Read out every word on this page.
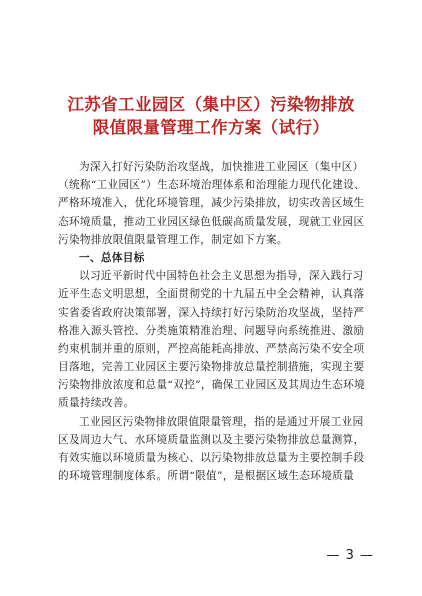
江苏省工业园区（集中区）污染物排放
限值限量管理工作方案（试行）
为深入打好污染防治攻坚战，加快推进工业园区（集中区）
（统称“工业园区”）生态环境治理体系和治理能力现代化建设、
严格环境准入，优化环境管理，减少污染排放，切实改善区域生
态环境质量，推动工业园区绿色低碳高质量发展，现就工业园区
污染物排放限值限量管理工作，制定如下方案。
一、总体目标
以习近平新时代中国特色社会主义思想为指导，深入践行习
近平生态文明思想，全面贯彻党的十九届五中全会精神，认真落
实省委省政府决策部署，深入持续打好污染防治攻坚战，坚持严
格准入源头管控、分类施策精准治理、问题导向系统推进、激励
约束机制并重的原则，严控高能耗高排放、严禁高污染不安全项
目落地，完善工业园区主要污染物排放总量控制措施，实现主要
污染物排放浓度和总量“双控”，确保工业园区及其周边生态环境
质量持续改善。
工业园区污染物排放限值限量管理，指的是通过开展工业园
区及周边大气、水环境质量监测以及主要污染物排放总量测算，
有效实施以环境质量为核心、以污染物排放总量为主要控制手段
的环境管理制度体系。所谓“限值”，是根据区域生态环境质量
— 3 —
